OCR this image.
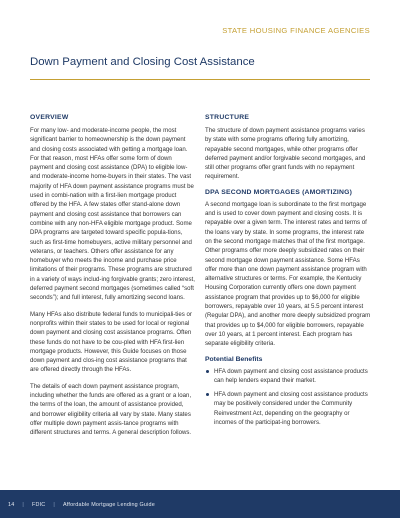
STATE HOUSING FINANCE AGENCIES
Down Payment and Closing Cost Assistance
OVERVIEW

For many low- and moderate-income people, the most significant barrier to homeownership is the down payment and closing costs associated with getting a mortgage loan. For that reason, most HFAs offer some form of down payment and closing cost assistance (DPA) to eligible low- and moderate-income home-buyers in their states. The vast majority of HFA down payment assistance programs must be used in combi-nation with a first-lien mortgage product offered by the HFA. A few states offer stand-alone down payment and closing cost assistance that borrowers can combine with any non-HFA eligible mortgage product. Some DPA programs are targeted toward specific popula-tions, such as first-time homebuyers, active military personnel and veterans, or teachers. Others offer assistance for any homebuyer who meets the income and purchase price limitations of their programs. These programs are structured in a variety of ways includ-ing forgivable grants; zero interest, deferred payment second mortgages (sometimes called “soft seconds”); and full interest, fully amortizing second loans.

Many HFAs also distribute federal funds to municipali-ties or nonprofits within their states to be used for local or regional down payment and closing cost assistance programs. Often these funds do not have to be cou-pled with HFA first-lien mortgage products. However, this Guide focuses on those down payment and clos-ing cost assistance programs that are offered directly through the HFAs.

The details of each down payment assistance program, including whether the funds are offered as a grant or a loan, the terms of the loan, the amount of assistance provided, and borrower eligibility criteria all vary by state. Many states offer multiple down payment assis-tance programs with different structures and terms. A general description follows.

STRUCTURE

The structure of down payment assistance programs varies by state with some programs offering fully amortizing, repayable second mortgages, while other programs offer deferred payment and/or forgivable second mortgages, and still other programs offer grant funds with no repayment requirement.

DPA SECOND MORTGAGES (AMORTIZING)

A second mortgage loan is subordinate to the first mortgage and is used to cover down payment and closing costs. It is repayable over a given term. The interest rates and terms of the loans vary by state. In some programs, the interest rate on the second mortgage matches that of the first mortgage. Other programs offer more deeply subsidized rates on their second mortgage down payment assistance. Some HFAs offer more than one down payment assistance program with alternative structures or terms. For example, the Kentucky Housing Corporation currently offers one down payment assistance program that provides up to $6,000 for eligible borrowers, repayable over 10 years, at 5.5 percent interest (Regular DPA), and another more deeply subsidized program that provides up to $4,000 for eligible borrowers, repayable over 10 years, at 1 percent interest. Each program has separate eligibility criteria.

Potential Benefits
HFA down payment and closing cost assistance products can help lenders expand their market.
HFA down payment and closing cost assistance products may be positively considered under the Community Reinvestment Act, depending on the geography or incomes of the participat-ing borrowers.
14 | FDIC | Affordable Mortgage Lending Guide
